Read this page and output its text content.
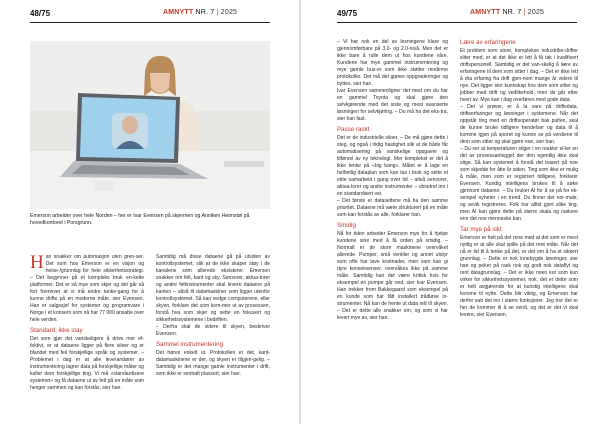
48/75	AMNYTT NR. 7 | 2025
Emerson arbeider over hele Norden – her er Ivar Evensen på skjermen og Anniken Heimstøl på hovedkontoret i Porsgrunn.

Han snakker om automasjon uten gren-ser. Det som hos Emerson er en visjon og helse-/grunnlag for hele sikkerhetsstrategi. – Det begynner på et kompleks bruk en-kelte platformer. Det er så mye som skjer og det går så fort fremover at vi må endre tanke-gang for å kunne drifte på en moderne måte, sier Evensen. Han er salgssjef for systemer og programvare i Norge i et konsern som nå har 77 000 ansatte over hele verden.

Standard, ikke stay

Det som gjør det vanskeligere å drive mer ef-fektivt, er at dataene ligger på flere siloer og er blandet med feil forskjellige språk og systemer. – Problemet i dag er at alle leverandører av instrumentering lagrer data på forskjellige måter og kaller dem forskjellige ting. Vi må «standardisere systemet» og få dataene ut av felt på en måte som henger sammen og kan forstås, sier han.

Samtidig må disse dataene gå på utsiden av kontrollsystemet, slik at de ikke skaper støy i de kanalene som allerede eksisterer. Emerson snakker om felt, kant og sky. Sensorer, aktua-torer og andre feltinstrumenter skal levere dataene på kanten – altså til datamaskiner som ligger utenfor kontrollsystemet. Så kan vedge computerene, eller skyen, forklare det som kom-mer ut av prosessen, forstå hva som skjer og sette en fokusert og sikkerhetssystemene i bedriften.

– Derfra skal de videre til skyen, beskriver Evensen.

Sammel instrumentering

Det høres enkelt ut. Protokollen er det, kant-datamaskinene er der, og skyen er tilgjen-gelig. – Samtidig er det mange gamle instrumenter i drift, som ikke er sentralt plassert, sier han.

49/75	AMNYTT NR. 7 | 2025

– Vi har nok en del av lesningene klare og gjennomførbare på 3.0- og 2.0-nivå. Men det er ikke bare å rulle dem ut hos kundene våre. Kundene har mye gammel instrumentering og mye gamle bus-er som ikke støtter moderne protokoller. Det må det gjøres oppgraderinger og byttes, sier han.

Ivar Evensen sammenligner det med om du har en gammel Toyota og skal gjøre den selvkjørende med det siste og mest avanserte løsningen for selvkjøring. – Du må ha det eks-tra, sier han fast.

Passe raskt

Det er de industrielle siloer. – De må gjøre dette i steg, og også i riktig hastighet slik at de både får automatisering på vanskelige oppgaver og tilførsel av ny teknologi. Mer komplekst er det å ikke tenke på «big bang». Målet er å lage en helhetlig dataplan som kan tas i bruk og sette et ekte samarbeid i gang over tid – altså sensorer, aktua-torer og andre instrumenter – uhindret inn i en standardisert vei.

– Det første er datasettene må ha den samme prioritet. Dataene må være strukturert på en måte som kan forstås av alle, forklarer han.

Smidig

Nå for tiden arbeider Emerson mye for å hjelpe kundene sine med å få orden på smidig. – Normalt er de store maskinene overvåket allerede. Pumper, små ventiler og annet utstyr som ofte har lave kostnader, men som kan gi dyre konsekvenser, overvåkes ikke på samme måte. Samtidig kan det være kritisk hvis for eksempel en pumpe går ned, sier Ivar Evensen. Han trekker frem Bakkegaard som eksempel på en kunde som har fått installert trådløse in-strumenter. Nå kan de hente ut data rett til skyen. – Det er dette alle snakker om, og som vi har levert mye av, sier han.

Lære av erfaringene

Et problem som store, komplekse industribe-drifter sliter med, er at det ikke er lett å få tak i kvalifisert driftspersonell. Samtidig er det van-skelig å lære av erfaringene til dem som sitter i dag. – Det er ikke lett å dra erfaring fra drift gjen-nom mange år videre til nye. Det ligger stor kunnskap hos dem som sitter og jobber med drift og vedlikehold, men de går etter hvert av. Mye kan i dag overføres med gode data.

– Det vi prøver, er å la vare på driftsdata, driftserfaringer og løsninger i systemene. Når det oppstår ting med en driftsoperatør bak pulten, skal de kunne bruke tidligere hendelser og data til å komme igjen på sporet og kunne se på verdiene til dem som sitter og skal gjøre noe, sier han.

– Du ser at temperaturen stiger i en reaktor el-ler en del av prosessanlegget der den egentlig ikke skal stige. Så kan systemet å forstå det basert på noe som skjedde for åtte år siden. Ting som ikke er mulig å måle, men som er registrert tidligere, forklarer Evensen. Kundig intelligens brukes til å søke gjennom dataene. – Du bruker AI for å se på for ek-sempel nyheter i en trend. Du finner det nor-male, og avvik registreres. Folk har alltid gjort slike ting, men AI kan gjøre dette på større skala og raskere enn det noe menneske kan.

Tar mye på sikt

Emerson er helt på det rene med at det som er mest nyttig er at alle skal spille på det rent måte. Når det nå er tid til å tenke på det, er det om å ha et sikkert grunnlag. – Dette er nok innebygde løsninger, sier han og peker på rask nok og godt nok dataflyt og rent datagrunnlag. – Det er ikke noen kur som kun virker for sikkerhetssystemer, nok, det er dette som er helt avgjørende for at kunstig intelligens skal komme til nytte. Dette blir viktig, og Emerson har derfor satt det inn i større funksjoner. Jeg tror det er her de kommer til å se verdi, og det er det vi skal levere, sier Evensen.
